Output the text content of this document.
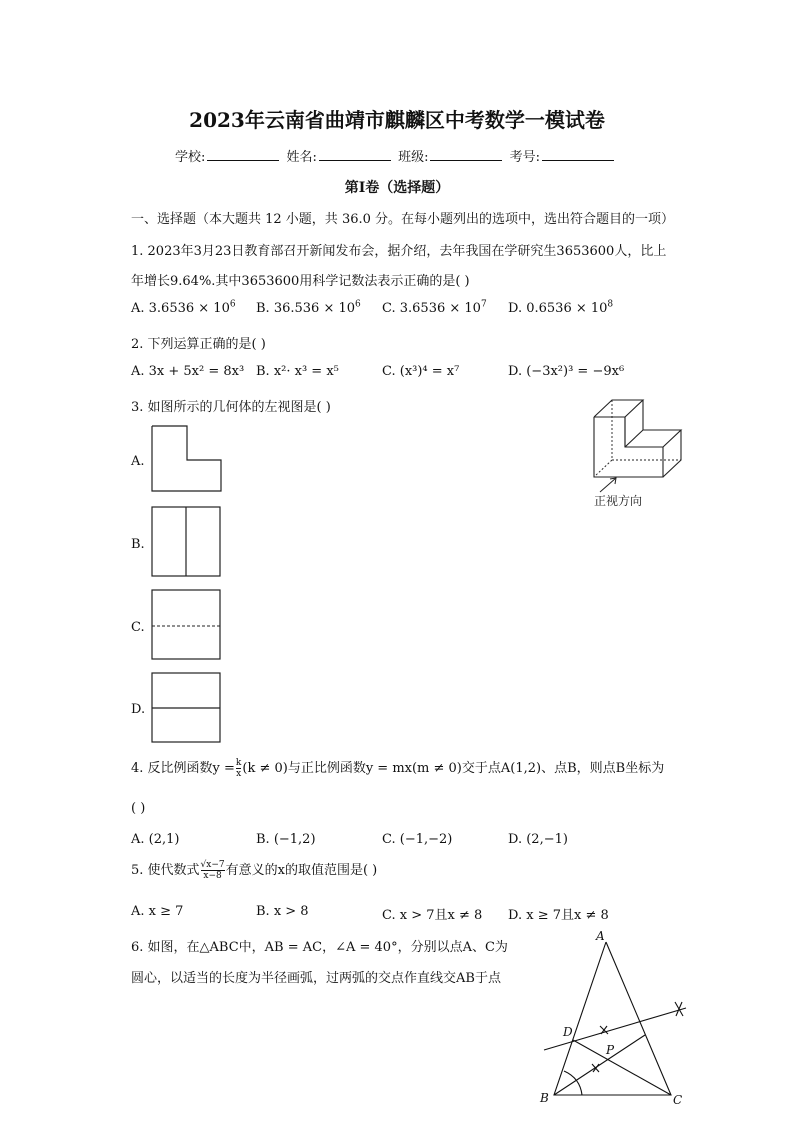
2023年云南省曲靖市麒麟区中考数学一模试卷
学校:	姓名:	班级:	考号:
第Ⅰ卷（选择题）
一、选择题（本大题共 12 小题，共 36.0 分。在每小题列出的选项中，选出符合题目的一项）
1. 2023年3月23日教育部召开新闻发布会，据介绍，去年我国在学研究生3653600人，比上
年增长9.64%.其中3653600用科学记数法表示正确的是( )
A. $3.6536 \times 10^6$ B. $36.536 \times 10^6$ C. $3.6536 \times 10^7$ D. $0.6536 \times 10^8$
2. 下列运算正确的是( )
A. 3x + 5x² = 8x³ B. x²· x³ = x⁵	C. (x³)⁴ = x⁷	D. (−3x²)³ = −9x⁶
3. 如图所示的几何体的左视图是( )
正视方向
A.
B.
C.
D.
4. 反比例函数$y = \frac{k}{x} (k \ne 0)$与正比例函数y = mx(m ≠ 0)交于点A(1,2)、点B，则点B坐标为
( )
A. (2,1)	B. (−1,2)	C. (−1,−2)	D. (2,−1)
5. 使代数式 $\frac{√x-7}{x-8}$ 有意义的x的取值范围是( )
A. x ≥ 7	B. x > 8	C. x > 7且x ≠ 8 D. x ≥ 7且x ≠ 8
6. 如图，在△ABC中，AB = AC，∠A = 40°，分别以点A、C为
圆心，以适当的长度为半径画弧，过两弧的交点作直线交AB于点
A
B	C
D
P
